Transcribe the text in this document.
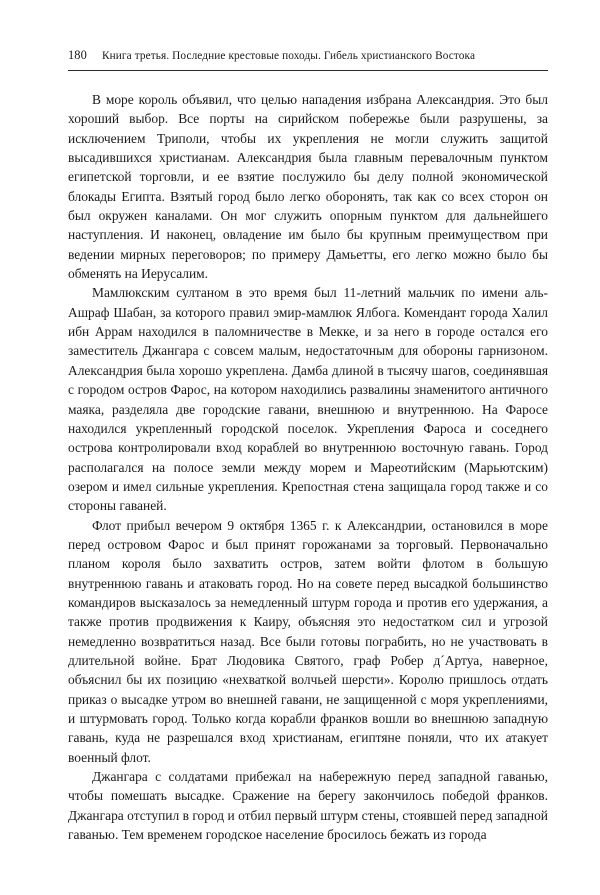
180	Книга третья. Последние крестовые походы. Гибель христианского Востока

В море король объявил, что целью нападения избрана Александрия. Это был хороший выбор. Все порты на сирийском побережье были разрушены, за исключением Триполи, чтобы их укрепления не могли служить защитой высадившихся христианам. Александрия была главным перевалочным пунктом египетской торговли, и ее взятие послужило бы делу полной экономической блокады Египта. Взятый город было легко оборонять, так как со всех сторон он был окружен каналами. Он мог служить опорным пунктом для дальнейшего наступления. И наконец, овладение им было бы крупным преимуществом при ведении мирных переговоров; по примеру Дамьетты, его легко можно было бы обменять на Иерусалим.

Мамлюкским султаном в это время был 11-летний мальчик по имени аль-Ашраф Шабан, за которого правил эмир-мамлюк Ялбога. Комендант города Халил ибн Аррам находился в паломничестве в Мекке, и за него в городе остался его заместитель Джангара с совсем малым, недостаточным для обороны гарнизоном. Александрия была хорошо укреплена. Дамба длиной в тысячу шагов, соединявшая с городом остров Фарос, на котором находились развалины знаменитого античного маяка, разделяла две городские гавани, внешнюю и внутреннюю. На Фаросе находился укрепленный городской поселок. Укрепления Фароса и соседнего острова контролировали вход кораблей во внутреннюю восточную гавань. Город располагался на полосе земли между морем и Мареотийским (Марьютским) озером и имел сильные укрепления. Крепостная стена защищала город также и со стороны гаваней.

Флот прибыл вечером 9 октября 1365 г. к Александрии, остановился в море перед островом Фарос и был принят горожанами за торговый. Первоначально планом короля было захватить остров, затем войти флотом в большую внутреннюю гавань и атаковать город. Но на совете перед высадкой большинство командиров высказалось за немедленный штурм города и против его удержания, а также против продвижения к Каиру, объясняя это недостатком сил и угрозой немедленно возвратиться назад. Все были готовы пограбить, но не участвовать в длительной войне. Брат Людовика Святого, граф Робер д´Артуа, наверное, объяснил бы их позицию «нехваткой волчьей шерсти». Королю пришлось отдать приказ о высадке утром во внешней гавани, не защищенной с моря укреплениями, и штурмовать город. Только когда корабли франков вошли во внешнюю западную гавань, куда не разрешался вход христианам, египтяне поняли, что их атакует военный флот.

Джангара с солдатами прибежал на набережную перед западной гаванью, чтобы помешать высадке. Сражение на берегу закончилось победой франков. Джангара отступил в город и отбил первый штурм стены, стоявшей перед западной гаванью. Тем временем городское население бросилось бежать из города
